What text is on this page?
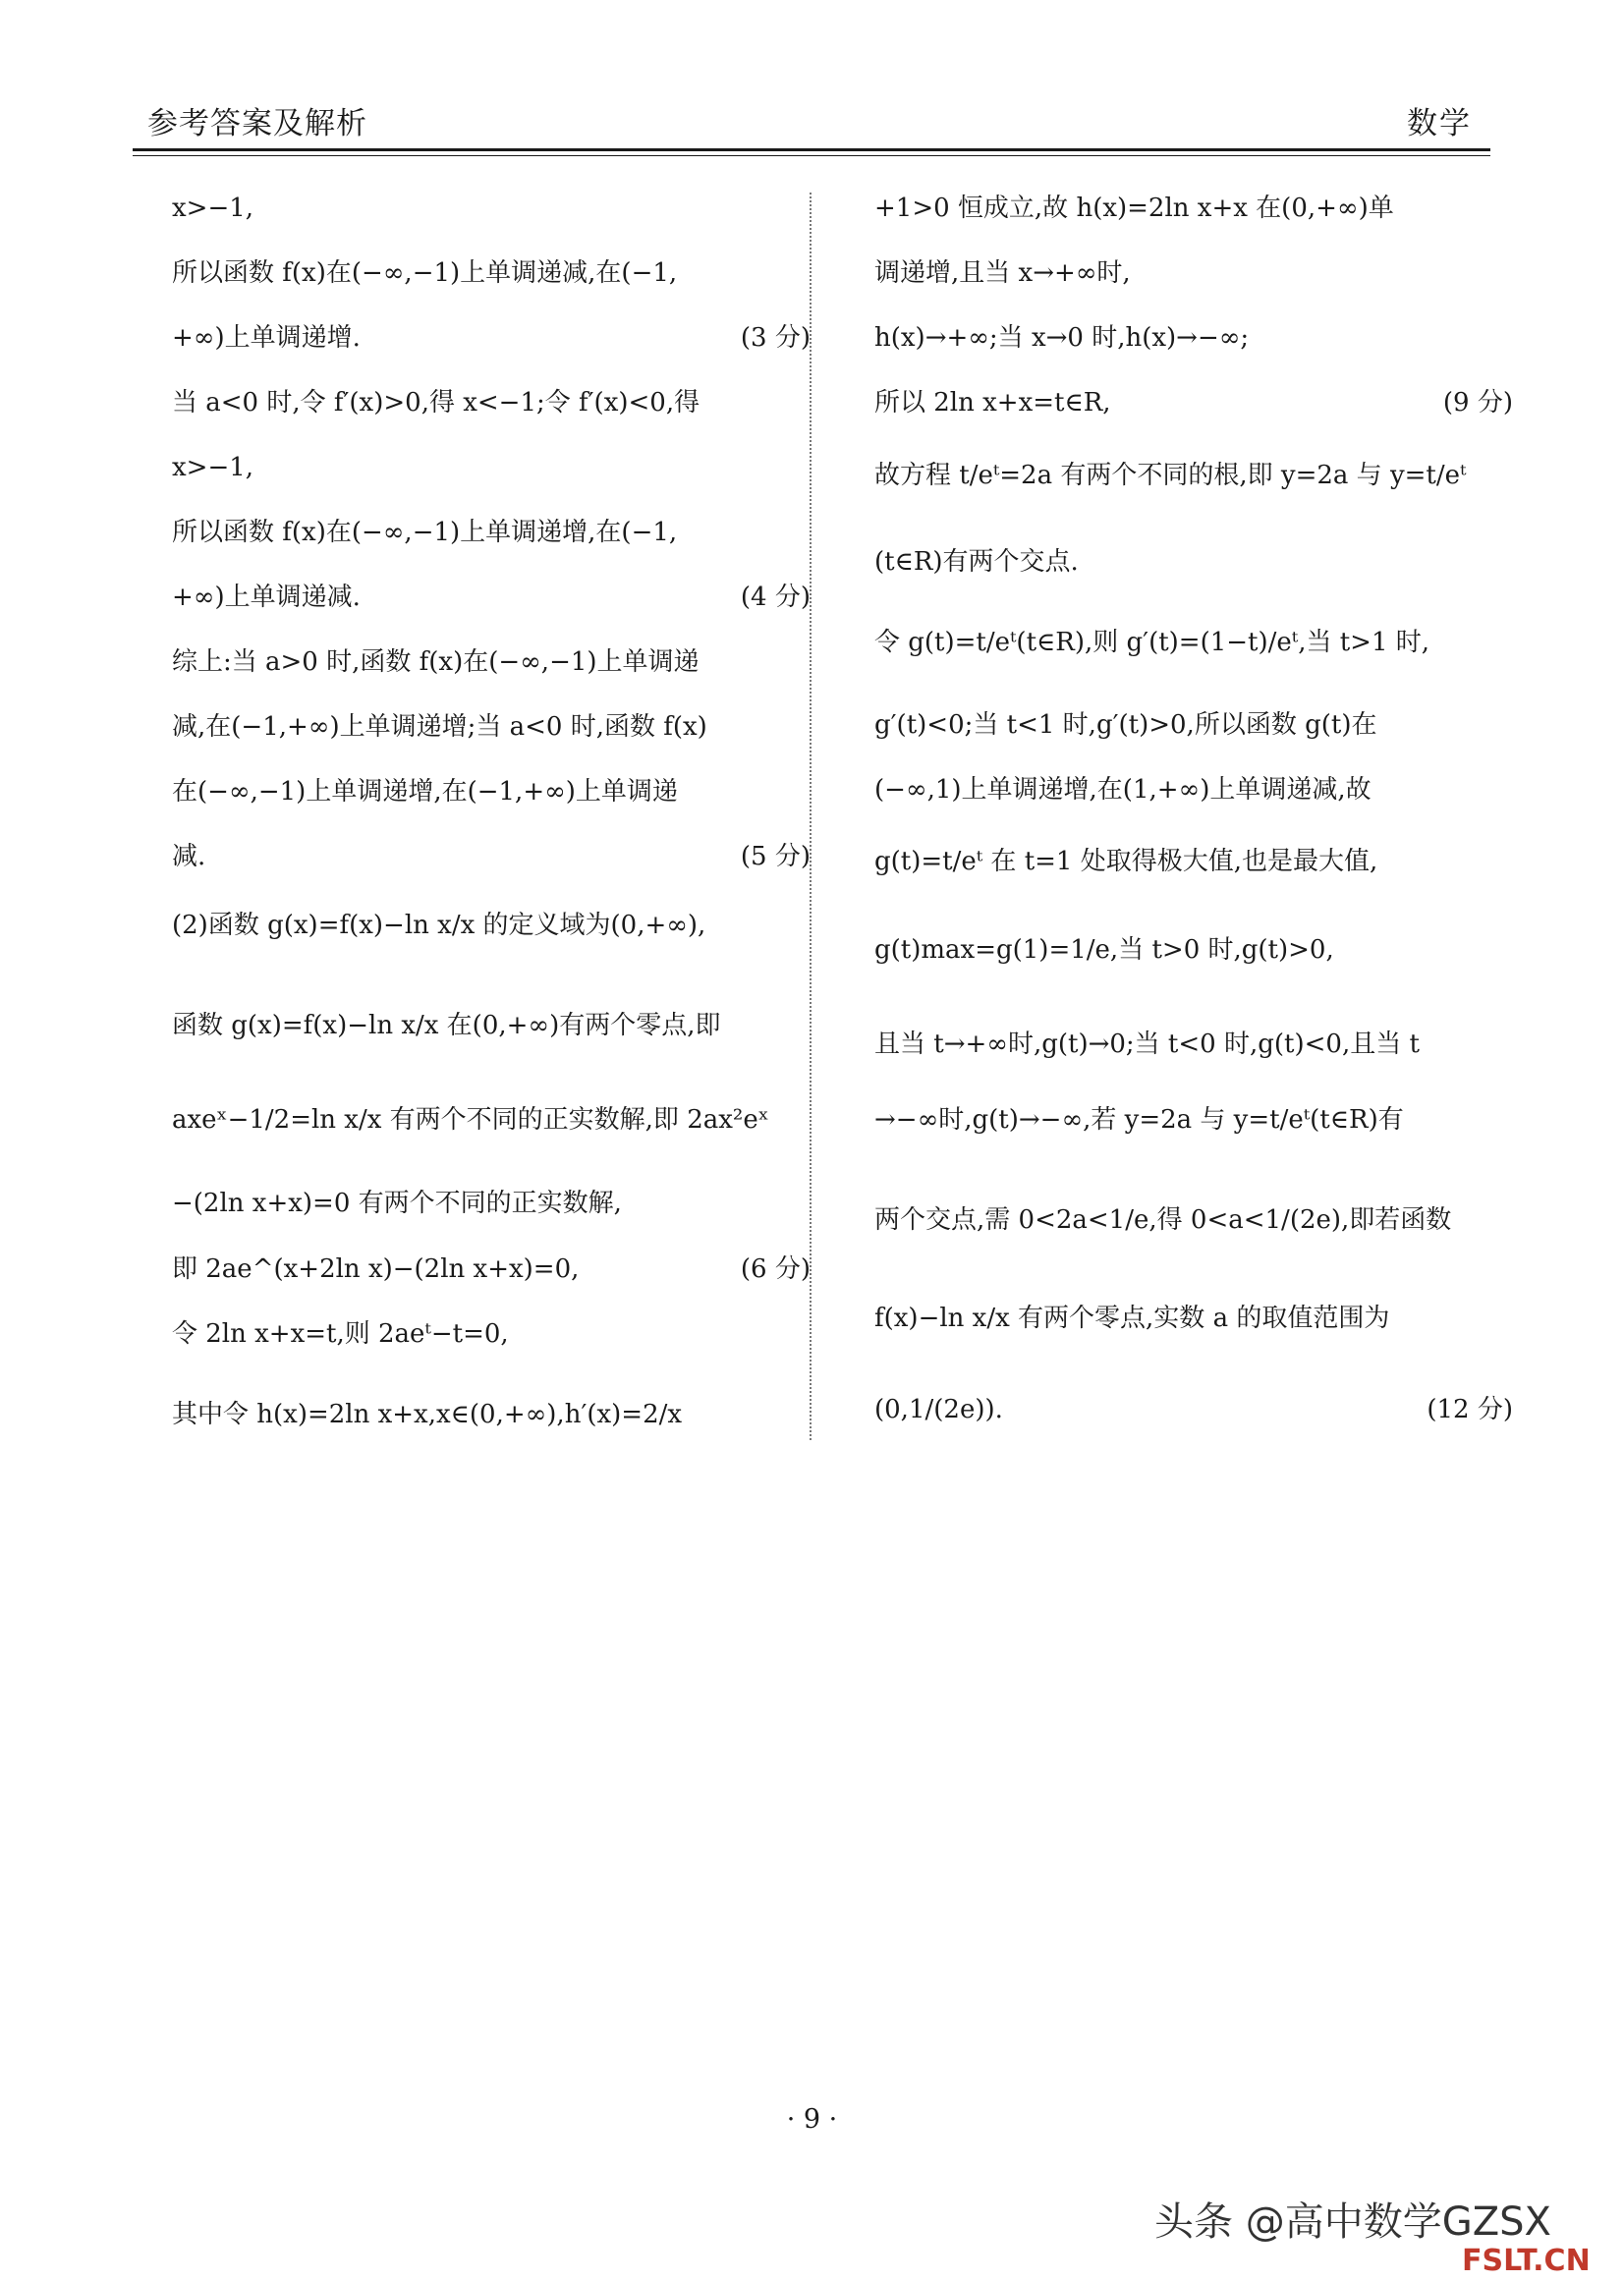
参考答案及解析	数学
x>−1,
所以函数 f(x)在(−∞,−1)上单调递减,在(−1,
+∞)上单调递增.	(3 分)
当 a<0 时,令 f′(x)>0,得 x<−1;令 f′(x)<0,得
x>−1,
所以函数 f(x)在(−∞,−1)上单调递增,在(−1,
+∞)上单调递减.	(4 分)
综上:当 a>0 时,函数 f(x)在(−∞,−1)上单调递
减,在(−1,+∞)上单调递增;当 a<0 时,函数 f(x)
在(−∞,−1)上单调递增,在(−1,+∞)上单调递
减.	(5 分)
(2)函数 g(x)=f(x)−ln x/x 的定义域为(0,+∞),
函数 g(x)=f(x)−ln x/x 在(0,+∞)有两个零点,即
axeˣ−1/2=ln x/x 有两个不同的正实数解,即 2ax²eˣ
−(2ln x+x)=0 有两个不同的正实数解,
即 2ae^(x+2ln x)−(2ln x+x)=0,	(6 分)
令 2ln x+x=t,则 2aeᵗ−t=0,
其中令 h(x)=2ln x+x,x∈(0,+∞),h′(x)=2/x
+1>0 恒成立,故 h(x)=2ln x+x 在(0,+∞)单
调递增,且当 x→+∞时,
h(x)→+∞;当 x→0 时,h(x)→−∞;
所以 2ln x+x=t∈R,	(9 分)
故方程 t/eᵗ=2a 有两个不同的根,即 y=2a 与 y=t/eᵗ
(t∈R)有两个交点.
令 g(t)=t/eᵗ(t∈R),则 g′(t)=(1−t)/eᵗ,当 t>1 时,
g′(t)<0;当 t<1 时,g′(t)>0,所以函数 g(t)在
(−∞,1)上单调递增,在(1,+∞)上单调递减,故
g(t)=t/eᵗ 在 t=1 处取得极大值,也是最大值,
g(t)max=g(1)=1/e,当 t>0 时,g(t)>0,
且当 t→+∞时,g(t)→0;当 t<0 时,g(t)<0,且当 t
→−∞时,g(t)→−∞,若 y=2a 与 y=t/eᵗ(t∈R)有
两个交点,需 0<2a<1/e,得 0<a<1/(2e),即若函数
f(x)−ln x/x 有两个零点,实数 a 的取值范围为
(0,1/(2e)).	(12 分)
· 9 ·
头条 @高中数学GZSX
FSLT.CN
